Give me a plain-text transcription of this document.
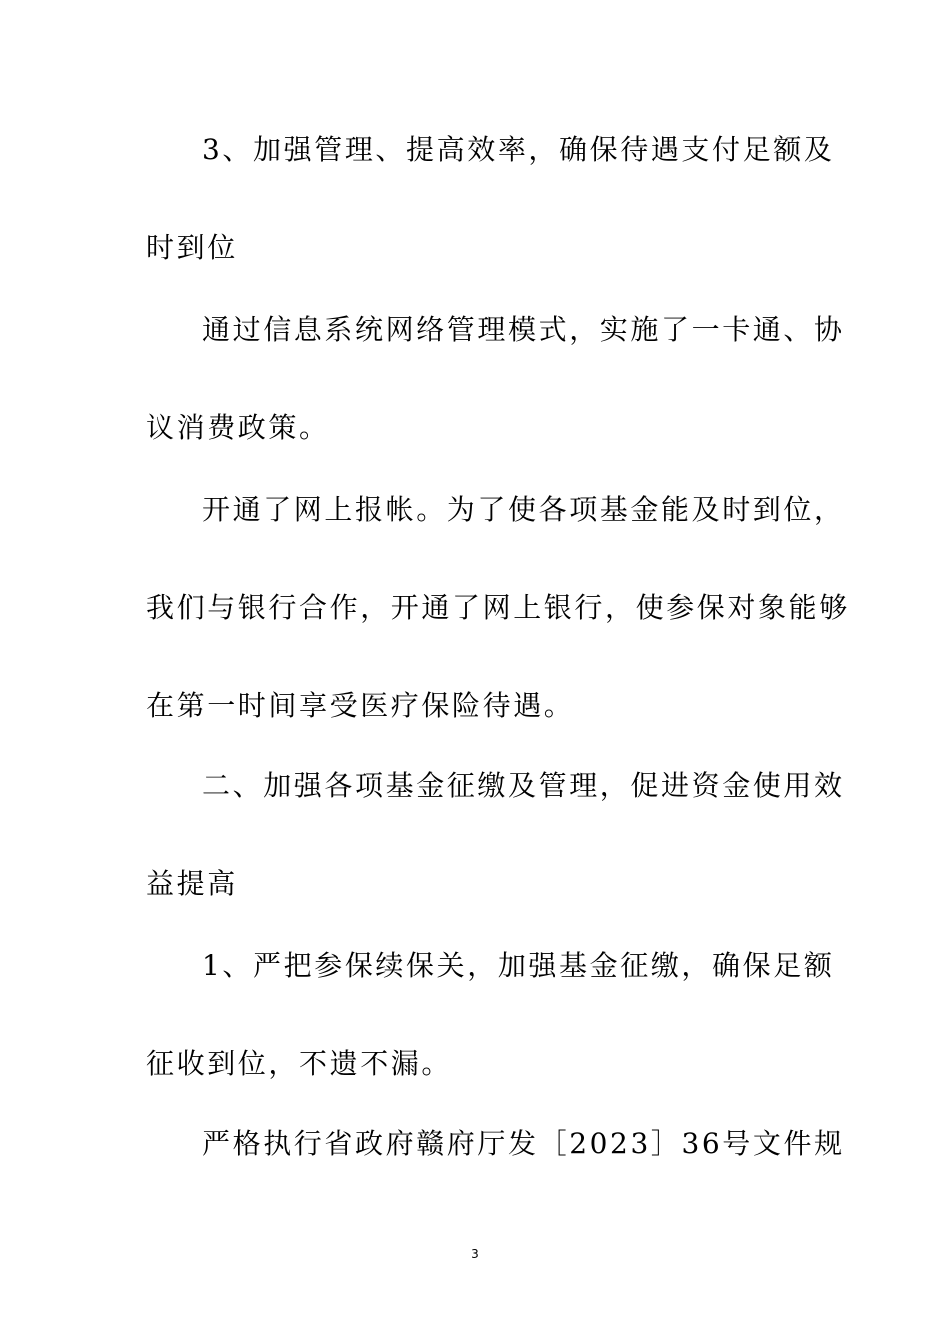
3、加强管理、提高效率，确保待遇支付足额及
时到位
通过信息系统网络管理模式，实施了一卡通、协
议消费政策。
开通了网上报帐。为了使各项基金能及时到位，
我们与银行合作，开通了网上银行，使参保对象能够
在第一时间享受医疗保险待遇。
二、加强各项基金征缴及管理，促进资金使用效
益提高
1、严把参保续保关，加强基金征缴，确保足额
征收到位，不遗不漏。
严格执行省政府赣府厅发［2023］36号文件规
3
